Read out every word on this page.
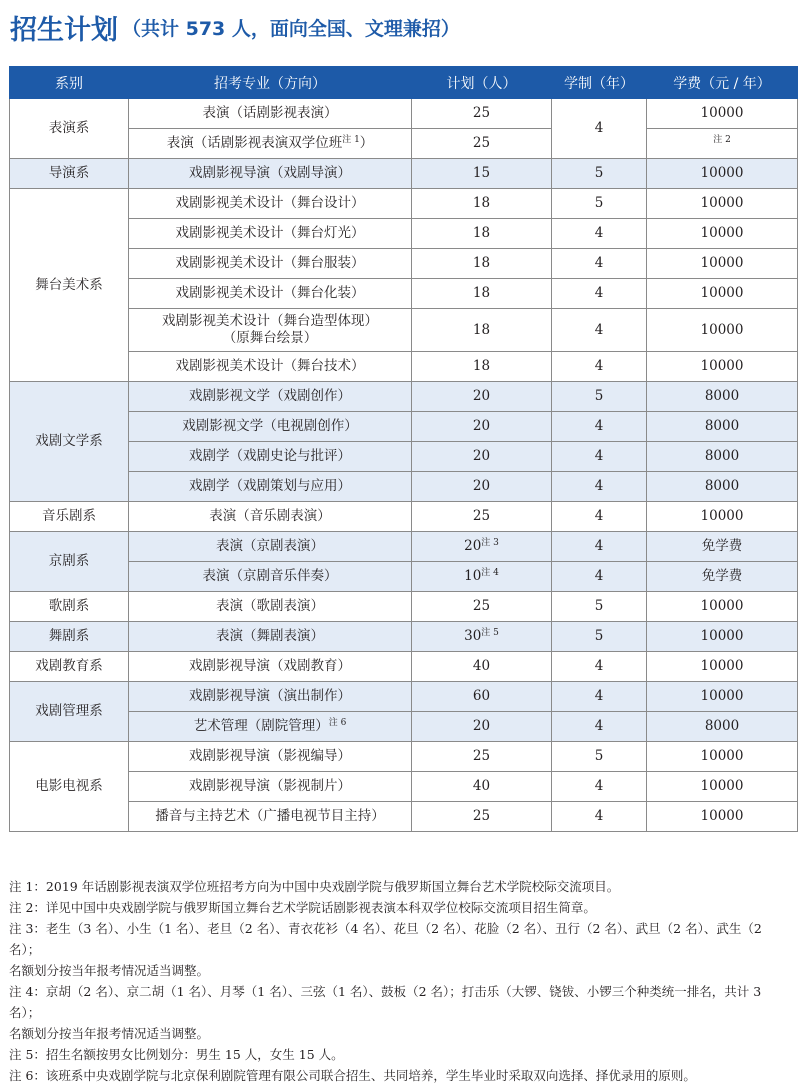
招生计划 （共计 573 人，面向全国、文理兼招）
系别	招考专业（方向）	计划（人）	学制（年）	学费（元 / 年）
表演系	表演（话剧影视表演）	25	4	10000
	表演（话剧影视表演双学位班$^{注 1}$）	25		$^{注 2}$
导演系	戏剧影视导演（戏剧导演）	15	5	10000
舞台美术系	戏剧影视美术设计（舞台设计）	18	5	10000
	戏剧影视美术设计（舞台灯光）	18	4	10000
	戏剧影视美术设计（舞台服装）	18	4	10000
	戏剧影视美术设计（舞台化装）	18	4	10000
	戏剧影视美术设计（舞台造型体现）
（原舞台绘景）	18	4	10000
	戏剧影视美术设计（舞台技术）	18	4	10000
戏剧文学系	戏剧影视文学（戏剧创作）	20	5	8000
	戏剧影视文学（电视剧创作）	20	4	8000
	戏剧学（戏剧史论与批评）	20	4	8000
	戏剧学（戏剧策划与应用）	20	4	8000
音乐剧系	表演（音乐剧表演）	25	4	10000
京剧系	表演（京剧表演）	$20^{注 3}$	4	免学费
	表演（京剧音乐伴奏）	$10^{注 4}$	4	免学费
歌剧系	表演（歌剧表演）	25	5	10000
舞剧系	表演（舞剧表演）	$30^{注 5}$	5	10000
戏剧教育系	戏剧影视导演（戏剧教育）	40	4	10000
戏剧管理系	戏剧影视导演（演出制作）	60	4	10000
	艺术管理（剧院管理）$^{注 6}$	20	4	8000
电影电视系	戏剧影视导演（影视编导）	25	5	10000
	戏剧影视导演（影视制片）	40	4	10000
	播音与主持艺术（广播电视节目主持）	25	4	10000

注 1：2019 年话剧影视表演双学位班招考方向为中国中央戏剧学院与俄罗斯国立舞台艺术学院校际交流项目。

注 2：详见中国中央戏剧学院与俄罗斯国立舞台艺术学院话剧影视表演本科双学位校际交流项目招生简章。

注 3：老生（3 名）、小生（1 名）、老旦（2 名）、青衣花衫（4 名）、花旦（2 名）、花脸（2 名）、丑行（2 名）、武旦（2 名）、武生（2 名）；

名额划分按当年报考情况适当调整。

注 4：京胡（2 名）、京二胡（1 名）、月琴（1 名）、三弦（1 名）、鼓板（2 名）；打击乐（大锣、铙钹、小锣三个种类统一排名，共计 3 名）；

名额划分按当年报考情况适当调整。

注 5：招生名额按男女比例划分：男生 15 人，女生 15 人。

注 6：该班系中央戏剧学院与北京保利剧院管理有限公司联合招生、共同培养，学生毕业时采取双向选择、择优录用的原则。
